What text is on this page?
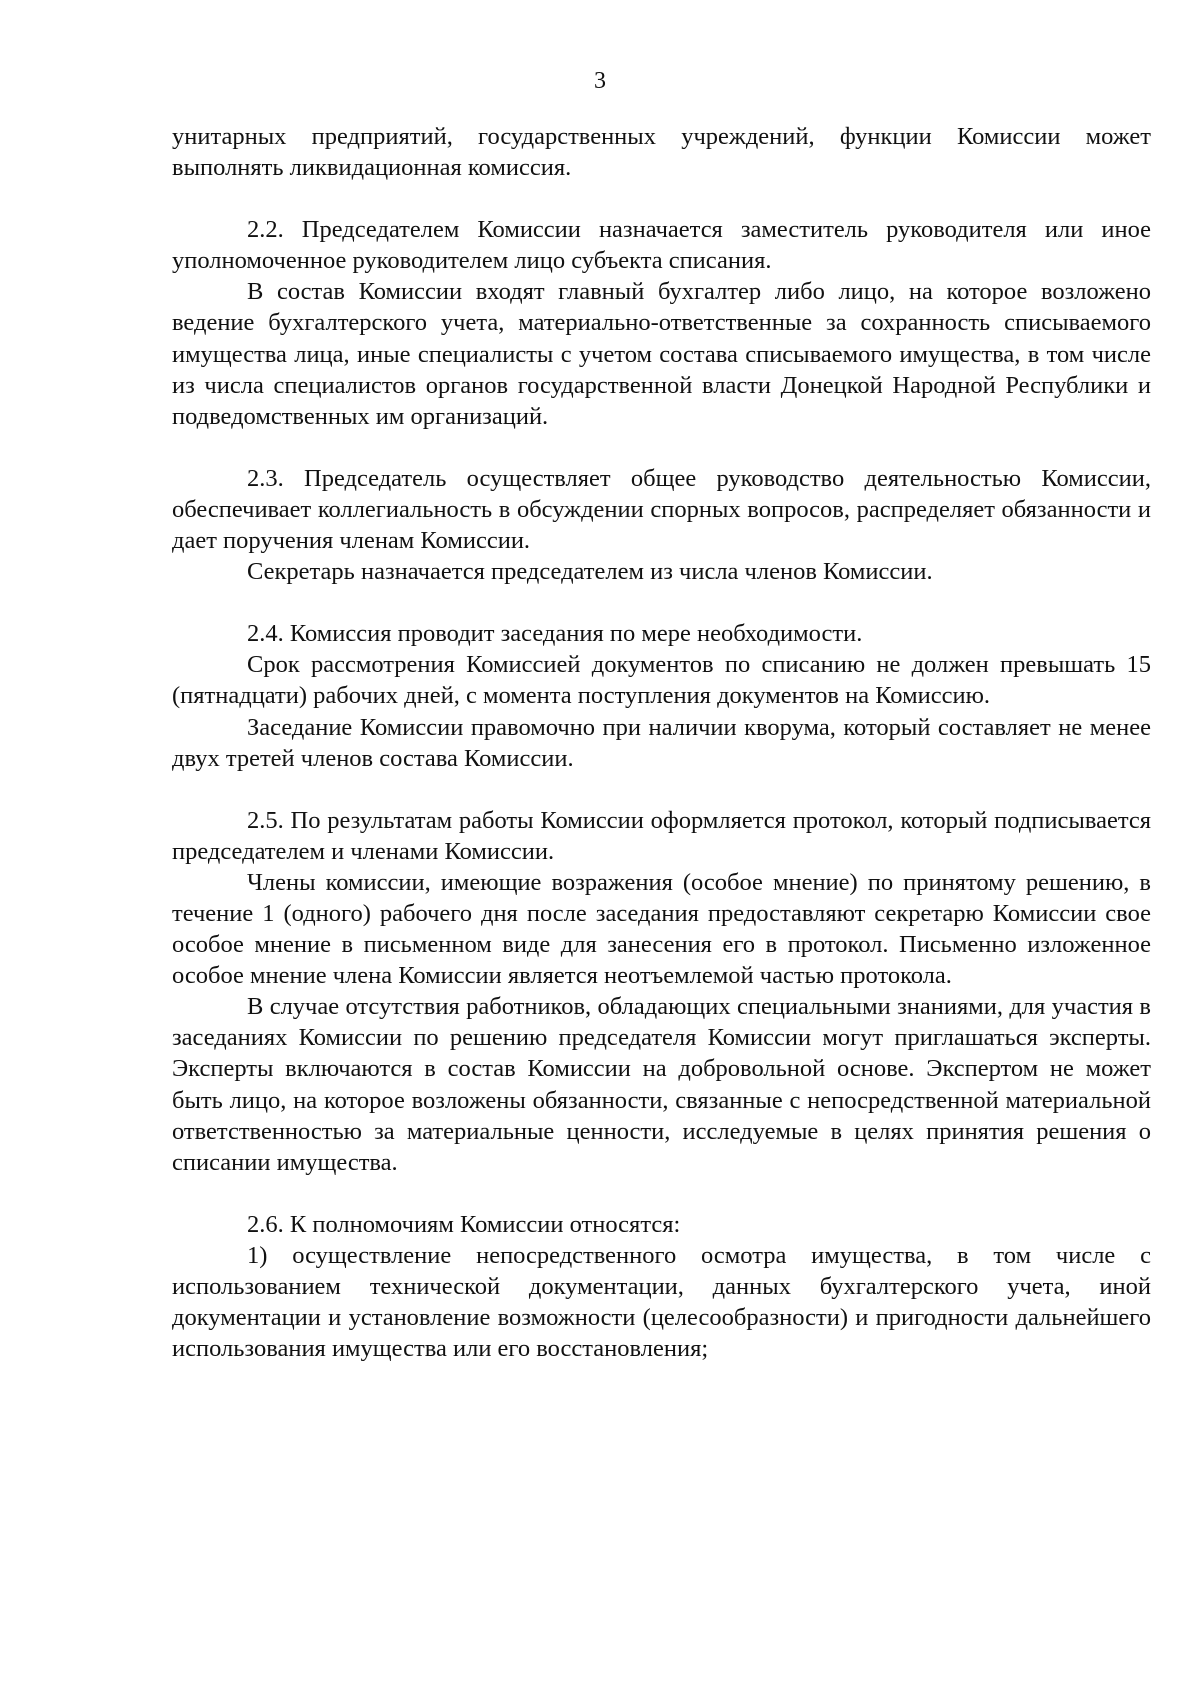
3

унитарных предприятий, государственных учреждений, функции Комиссии может выполнять ликвидационная комиссия.

2.2. Председателем Комиссии назначается заместитель руководителя или иное уполномоченное руководителем лицо субъекта списания.

В состав Комиссии входят главный бухгалтер либо лицо, на которое возложено ведение бухгалтерского учета, материально-ответственные за сохранность списываемого имущества лица, иные специалисты с учетом состава списываемого имущества, в том числе из числа специалистов органов государственной власти Донецкой Народной Республики и подведомственных им организаций.

2.3. Председатель осуществляет общее руководство деятельностью Комиссии, обеспечивает коллегиальность в обсуждении спорных вопросов, распределяет обязанности и дает поручения членам Комиссии.

Секретарь назначается председателем из числа членов Комиссии.

2.4. Комиссия проводит заседания по мере необходимости.

Срок рассмотрения Комиссией документов по списанию не должен превышать 15 (пятнадцати) рабочих дней, с момента поступления документов на Комиссию.

Заседание Комиссии правомочно при наличии кворума, который составляет не менее двух третей членов состава Комиссии.

2.5. По результатам работы Комиссии оформляется протокол, который подписывается председателем и членами Комиссии.

Члены комиссии, имеющие возражения (особое мнение) по принятому решению, в течение 1 (одного) рабочего дня после заседания предоставляют секретарю Комиссии свое особое мнение в письменном виде для занесения его в протокол. Письменно изложенное особое мнение члена Комиссии является неотъемлемой частью протокола.

В случае отсутствия работников, обладающих специальными знаниями, для участия в заседаниях Комиссии по решению председателя Комиссии могут приглашаться эксперты. Эксперты включаются в состав Комиссии на добровольной основе. Экспертом не может быть лицо, на которое возложены обязанности, связанные с непосредственной материальной ответственностью за материальные ценности, исследуемые в целях принятия решения о списании имущества.

2.6. К полномочиям Комиссии относятся:

1) осуществление непосредственного осмотра имущества, в том числе с использованием технической документации, данных бухгалтерского учета, иной документации и установление возможности (целесообразности) и пригодности дальнейшего использования имущества или его восстановления;
